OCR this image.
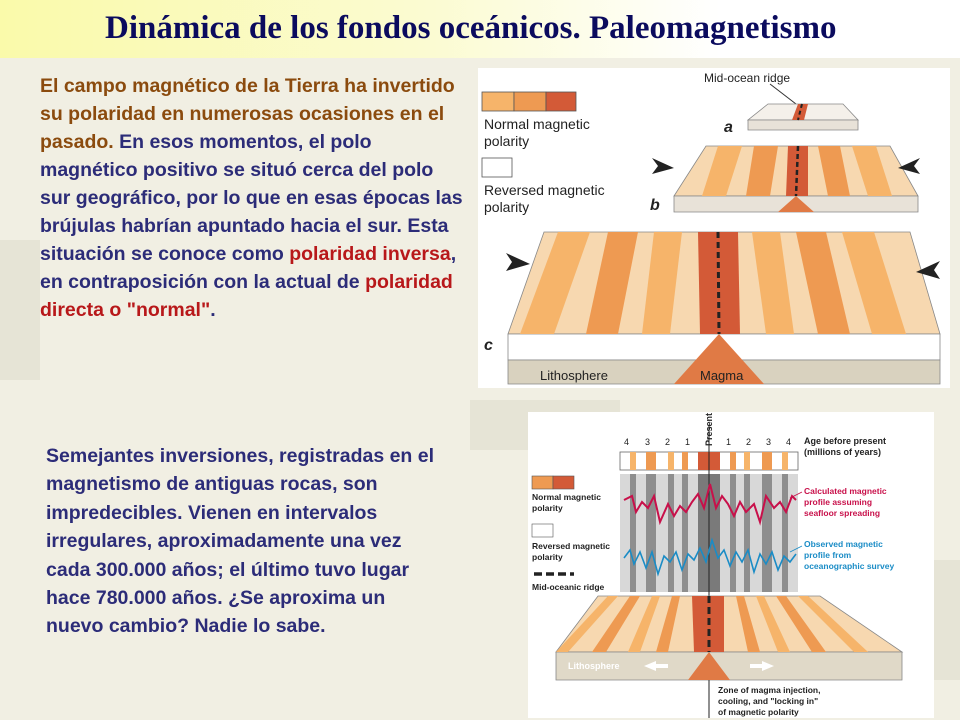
Dinámica de los fondos oceánicos. Paleomagnetismo

El campo magnético de la Tierra ha invertido su polaridad en numerosas ocasiones en el pasado. En esos momentos, el polo magnético positivo se situó cerca del polo sur geográfico, por lo que en esas épocas las brújulas habrían apuntado hacia el sur. Esta situación se conoce como polaridad inversa, en contraposición con la actual de polaridad directa o "normal".

Semejantes inversiones, registradas en el magnetismo de antiguas rocas, son impredecibles. Vienen en intervalos irregulares, aproximadamente una vez cada 300.000 años; el último tuvo lugar hace 780.000 años. ¿Se aproxima un nuevo cambio? Nadie lo sabe.

Normal magnetic
polarity
Reversed magnetic
polarity
Mid-ocean ridge
a
b
c
Lithosphere	Magma
Present
4 3 2 1	1 2 3 4 Age before present
(millions of years)
Normal magnetic
polarity
Reversed magnetic
polarity
Mid-oceanic ridge
Calculated magnetic
profile assuming
seafloor spreading
Observed magnetic
profile from
oceanographic survey
Lithosphere
Zone of magma injection,
cooling, and "locking in"
of magnetic polarity
